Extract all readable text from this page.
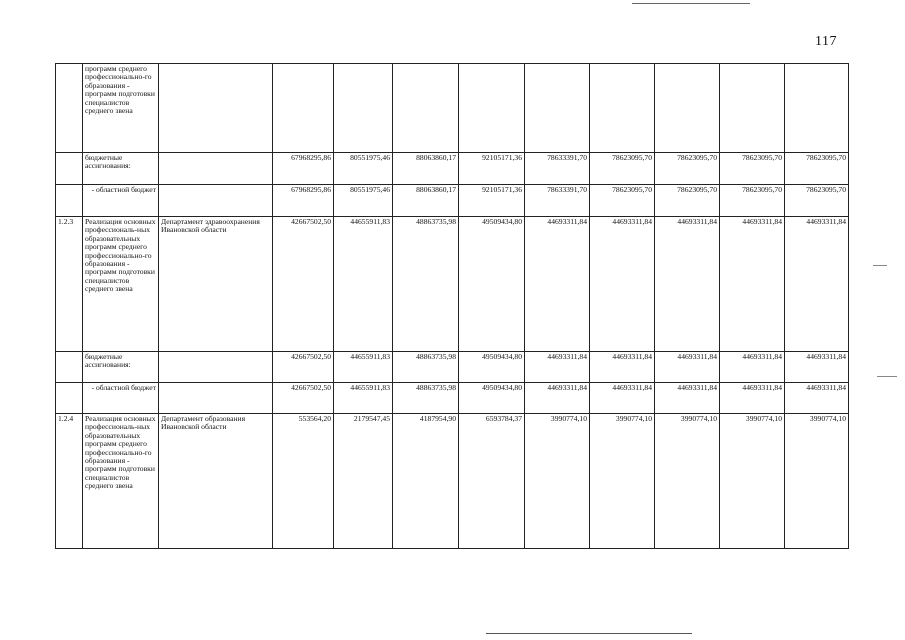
117
	программ среднего профессионально-го образования - программ подготовки специалистов среднего звена										
	бюджетные ассигнования:		67968295,86	80551975,46	88063860,17	92105171,36	78633391,70	78623095,70	78623095,70	78623095,70	78623095,70
	- областной бюджет		67968295,86	80551975,46	88063860,17	92105171,36	78633391,70	78623095,70	78623095,70	78623095,70	78623095,70
1.2.3	Реализация основных профессиональ-ных образовательных программ среднего профессионально-го образования - программ подготовки специалистов среднего звена	Департамент здравоохранения Ивановской области	42667502,50	44655911,83	48863735,98	49509434,80	44693311,84	44693311,84	44693311,84	44693311,84	44693311,84
	бюджетные ассигнования:		42667502,50	44655911,83	48863735,98	49509434,80	44693311,84	44693311,84	44693311,84	44693311,84	44693311,84
	- областной бюджет		42667502,50	44655911,83	48863735,98	49509434,80	44693311,84	44693311,84	44693311,84	44693311,84	44693311,84
1.2.4	Реализация основных профессиональ-ных образовательных программ среднего профессионально-го образования - программ подготовки специалистов среднего звена	Департамент образования Ивановской области	553564,20	2179547,45	4187954,90	6593784,37	3990774,10	3990774,10	3990774,10	3990774,10	3990774,10
